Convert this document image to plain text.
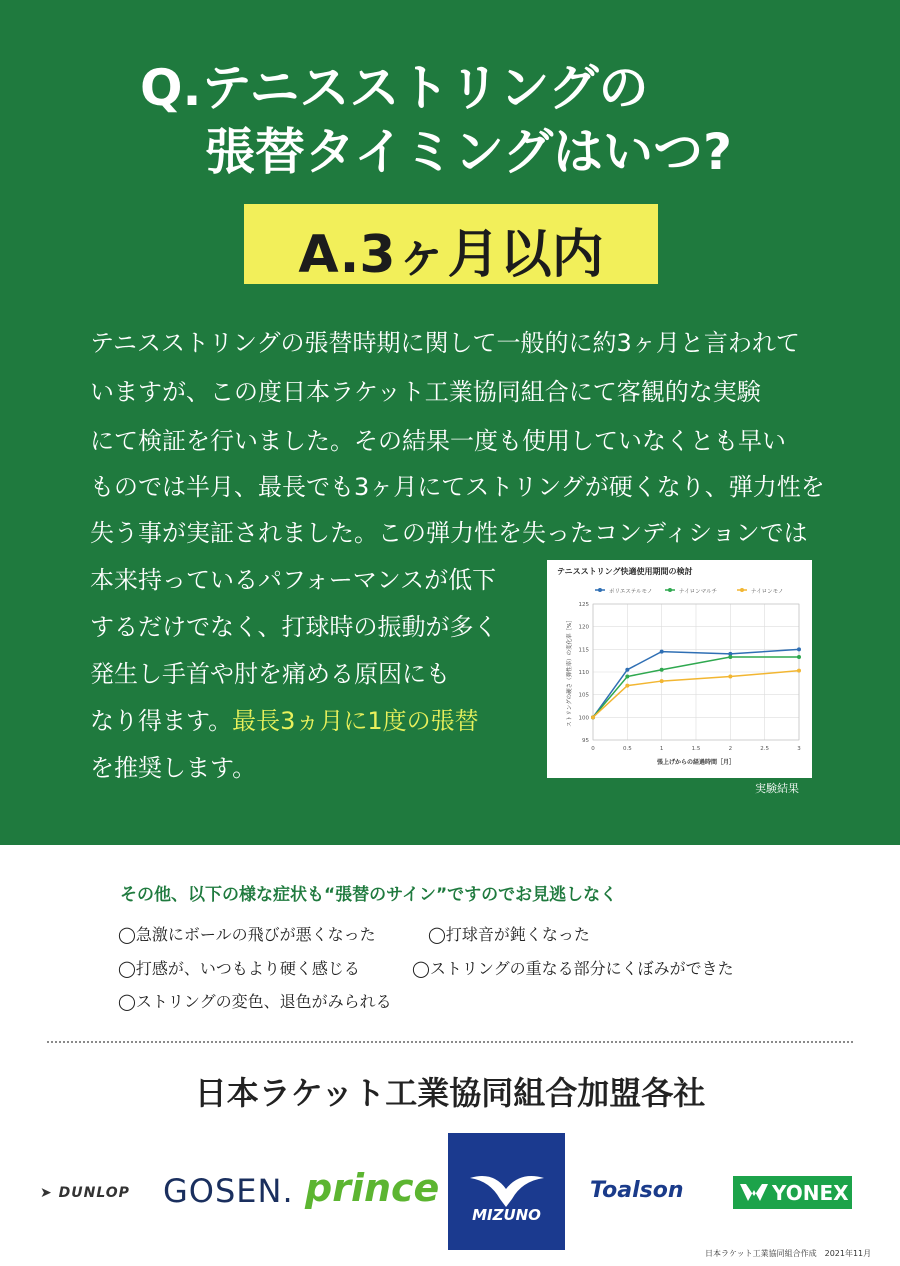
Q.テニスストリングの
張替タイミングはいつ?
A.3ヶ月以内
テニスストリングの張替時期に関して一般的に約3ヶ月と言われて
いますが、この度日本ラケット工業協同組合にて客観的な実験
にて検証を行いました。その結果一度も使用していなくとも早い
ものでは半月、最長でも3ヶ月にてストリングが硬くなり、弾力性を
失う事が実証されました。この弾力性を失ったコンディションでは
本来持っているパフォーマンスが低下
するだけでなく、打球時の振動が多く
発生し手首や肘を痛める原因にも
なり得ます。最長3ヵ月に1度の張替
を推奨します。
テニスストリング快適使用期間の検討
ポリエステルモノ	ナイロンマルチ	ナイロンモノ
95
100
105
110
115
120
125
0	0.5	1	1.5	2	2.5	3
張上げからの経過時間［月］
ストリングの硬さ（弾性率）の変化率［%］
実験結果
その他、以下の様な症状も“張替のサイン”ですのでお見逃しなく
◯急激にボールの飛びが悪くなった	◯打球音が鈍くなった
◯打感が、いつもより硬く感じる	◯ストリングの重なる部分にくぼみができた
◯ストリングの変色、退色がみられる
日本ラケット工業協同組合加盟各社
➤ DUNLOP GOSEN. prince
MIZUNO
Toalson	YONEX
日本ラケット工業協同組合作成　2021年11月
